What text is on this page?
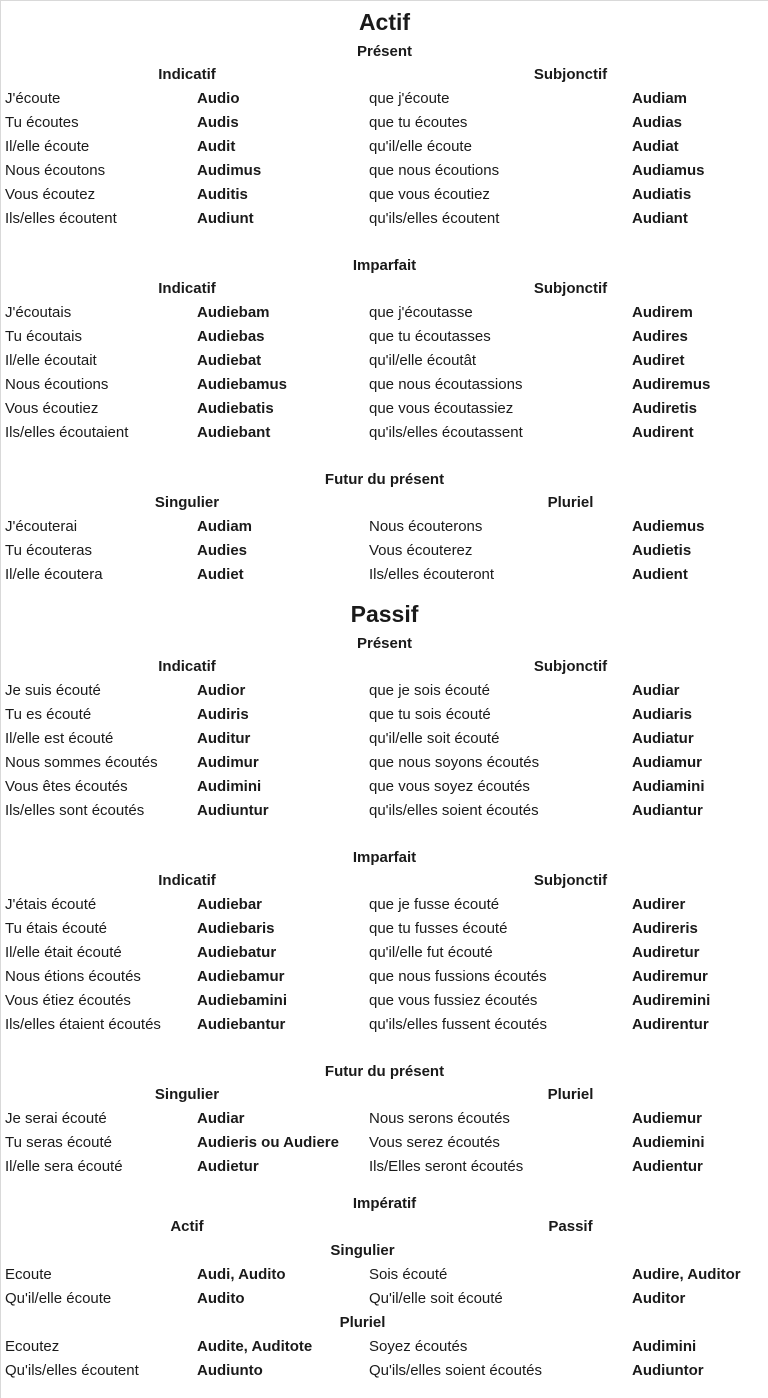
Actif
Présent
Indicatif	Subjonctif
J'écoute	Audio	que j'écoute	Audiam
Tu écoutes	Audis	que tu écoutes	Audias
Il/elle écoute	Audit	qu'il/elle écoute	Audiat
Nous écoutons	Audimus	que nous écoutions	Audiamus
Vous écoutez	Auditis	que vous écoutiez	Audiatis
Ils/elles écoutent	Audiunt	qu'ils/elles écoutent	Audiant
Imparfait
Indicatif	Subjonctif
J'écoutais	Audiebam	que j'écoutasse	Audirem
Tu écoutais	Audiebas	que tu écoutasses	Audires
Il/elle écoutait	Audiebat	qu'il/elle écoutât	Audiret
Nous écoutions	Audiebamus	que nous écoutassions	Audiremus
Vous écoutiez	Audiebatis	que vous écoutassiez	Audiretis
Ils/elles écoutaient	Audiebant	qu'ils/elles écoutassent	Audirent
Futur du présent
Singulier	Pluriel
J'écouterai	Audiam	Nous écouterons	Audiemus
Tu écouteras	Audies	Vous écouterez	Audietis
Il/elle écoutera	Audiet	Ils/elles écouteront	Audient
Passif
Présent
Indicatif	Subjonctif
Je suis écouté	Audior	que je sois écouté	Audiar
Tu es écouté	Audiris	que tu sois écouté	Audiaris
Il/elle est écouté	Auditur	qu'il/elle soit écouté	Audiatur
Nous sommes écoutés	Audimur	que nous soyons écoutés	Audiamur
Vous êtes écoutés	Audimini	que vous soyez écoutés	Audiamini
Ils/elles sont écoutés	Audiuntur	qu'ils/elles soient écoutés	Audiantur
Imparfait
Indicatif	Subjonctif
J'étais écouté	Audiebar	que je fusse écouté	Audirer
Tu étais écouté	Audiebaris	que tu fusses écouté	Audireris
Il/elle était écouté	Audiebatur	qu'il/elle fut écouté	Audiretur
Nous étions écoutés	Audiebamur	que nous fussions écoutés	Audiremur
Vous étiez écoutés	Audiebamini	que vous fussiez écoutés	Audiremini
Ils/elles étaient écoutés	Audiebantur	qu'ils/elles fussent écoutés	Audirentur
Futur du présent
Singulier	Pluriel
Je serai écouté	Audiar	Nous serons écoutés	Audiemur
Tu seras écouté	Audieris ou Audiere	Vous serez écoutés	Audiemini
Il/elle sera écouté	Audietur	Ils/Elles seront écoutés	Audientur
Impératif
Actif	Passif
Singulier
Ecoute	Audi, Audito	Sois écouté	Audire, Auditor
Qu'il/elle écoute	Audito	Qu'il/elle soit écouté	Auditor
Pluriel
Ecoutez	Audite, Auditote	Soyez écoutés	Audimini
Qu'ils/elles écoutent	Audiunto	Qu'ils/elles soient écoutés	Audiuntor
